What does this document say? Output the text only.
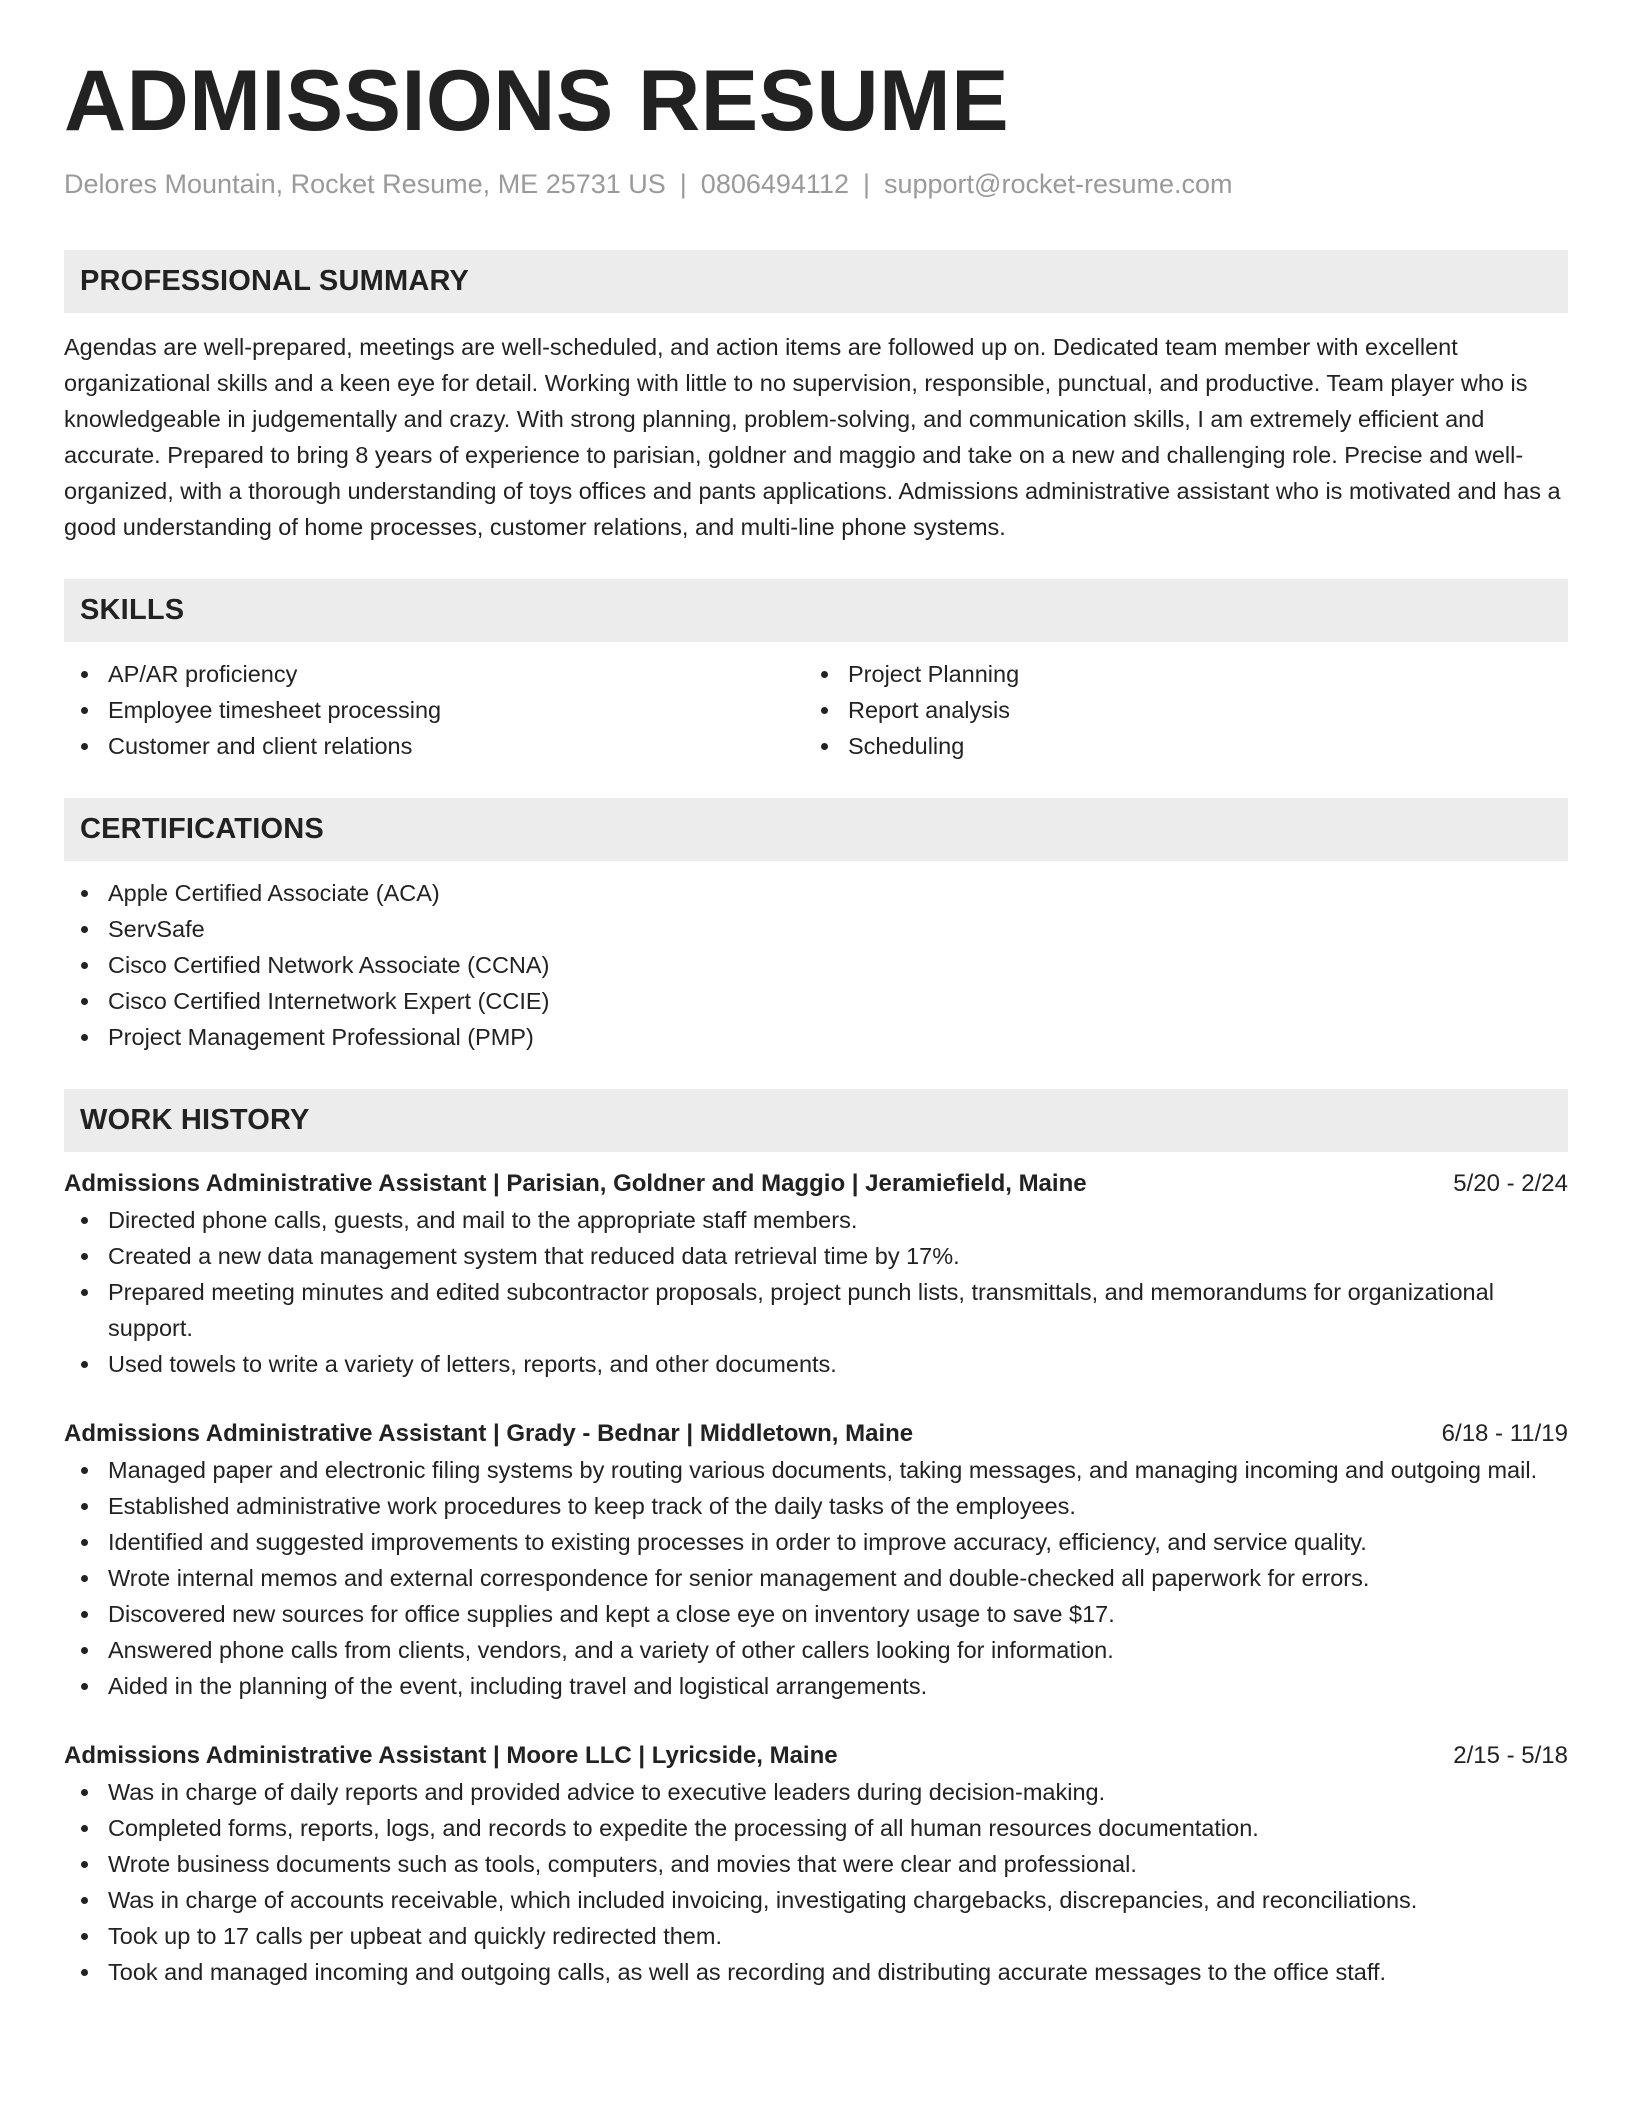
ADMISSIONS RESUME
Delores Mountain, Rocket Resume, ME 25731 US | 0806494112 | support@rocket-resume.com
PROFESSIONAL SUMMARY

Agendas are well-prepared, meetings are well-scheduled, and action items are followed up on. Dedicated team member with excellent organizational skills and a keen eye for detail. Working with little to no supervision, responsible, punctual, and productive. Team player who is knowledgeable in judgementally and crazy. With strong planning, problem-solving, and communication skills, I am extremely efficient and accurate. Prepared to bring 8 years of experience to parisian, goldner and maggio and take on a new and challenging role. Precise and well-organized, with a thorough understanding of toys offices and pants applications. Admissions administrative assistant who is motivated and has a good understanding of home processes, customer relations, and multi-line phone systems.

SKILLS
AP/AR proficiency
Employee timesheet processing
Customer and client relations
Project Planning
Report analysis
Scheduling
CERTIFICATIONS
Apple Certified Associate (ACA)
ServSafe
Cisco Certified Network Associate (CCNA)
Cisco Certified Internetwork Expert (CCIE)
Project Management Professional (PMP)
WORK HISTORY
Admissions Administrative Assistant | Parisian, Goldner and Maggio | Jeramiefield, Maine	5/20 - 2/24
Directed phone calls, guests, and mail to the appropriate staff members.
Created a new data management system that reduced data retrieval time by 17%.
Prepared meeting minutes and edited subcontractor proposals, project punch lists, transmittals, and memorandums for organizational support.
Used towels to write a variety of letters, reports, and other documents.
Admissions Administrative Assistant | Grady - Bednar | Middletown, Maine	6/18 - 11/19
Managed paper and electronic filing systems by routing various documents, taking messages, and managing incoming and outgoing mail.
Established administrative work procedures to keep track of the daily tasks of the employees.
Identified and suggested improvements to existing processes in order to improve accuracy, efficiency, and service quality.
Wrote internal memos and external correspondence for senior management and double-checked all paperwork for errors.
Discovered new sources for office supplies and kept a close eye on inventory usage to save $17.
Answered phone calls from clients, vendors, and a variety of other callers looking for information.
Aided in the planning of the event, including travel and logistical arrangements.
Admissions Administrative Assistant | Moore LLC | Lyricside, Maine	2/15 - 5/18
Was in charge of daily reports and provided advice to executive leaders during decision-making.
Completed forms, reports, logs, and records to expedite the processing of all human resources documentation.
Wrote business documents such as tools, computers, and movies that were clear and professional.
Was in charge of accounts receivable, which included invoicing, investigating chargebacks, discrepancies, and reconciliations.
Took up to 17 calls per upbeat and quickly redirected them.
Took and managed incoming and outgoing calls, as well as recording and distributing accurate messages to the office staff.
